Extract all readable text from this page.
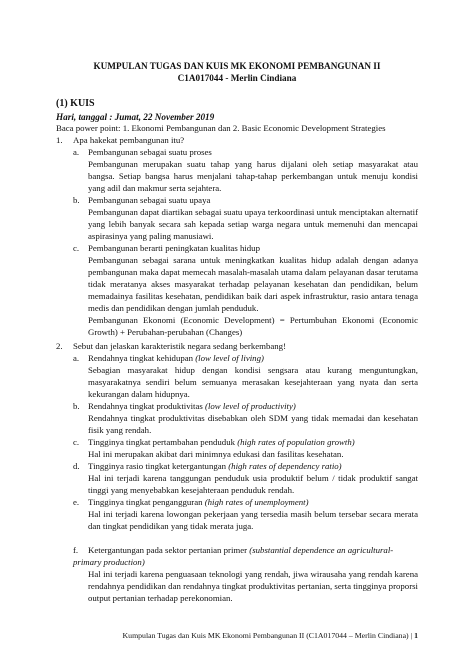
KUMPULAN TUGAS DAN KUIS MK EKONOMI PEMBANGUNAN II
C1A017044 - Merlin Cindiana
(1) KUIS
Hari, tanggal : Jumat, 22 November 2019
Baca power point: 1. Ekonomi Pembangunan dan 2. Basic Economic Development Strategies
1. Apa hakekat pembangunan itu?
a. Pembangunan sebagai suatu proses
Pembangunan merupakan suatu tahap yang harus dijalani oleh setiap masyarakat atau bangsa. Setiap bangsa harus menjalani tahap-tahap perkembangan untuk menuju kondisi yang adil dan makmur serta sejahtera.
b. Pembangunan sebagai suatu upaya
Pembangunan dapat diartikan sebagai suatu upaya terkoordinasi untuk menciptakan alternatif yang lebih banyak secara sah kepada setiap warga negara untuk memenuhi dan mencapai aspirasinya yang paling manusiawi.
c. Pembangunan berarti peningkatan kualitas hidup
Pembangunan sebagai sarana untuk meningkatkan kualitas hidup adalah dengan adanya pembangunan maka dapat memecah masalah-masalah utama dalam pelayanan dasar terutama tidak meratanya akses masyarakat terhadap pelayanan kesehatan dan pendidikan, belum memadainya fasilitas kesehatan, pendidikan baik dari aspek infrastruktur, rasio antara tenaga medis dan pendidikan dengan jumlah penduduk.
Pembangunan Ekonomi (Economic Development) = Pertumbuhan Ekonomi (Economic Growth) + Perubahan-perubahan (Changes)
2. Sebut dan jelaskan karakteristik negara sedang berkembang!
a. Rendahnya tingkat kehidupan (low level of living)
Sebagian masyarakat hidup dengan kondisi sengsara atau kurang menguntungkan, masyarakatnya sendiri belum semuanya merasakan kesejahteraan yang nyata dan serta kekurangan dalam hidupnya.
b. Rendahnya tingkat produktivitas (low level of productivity)
Rendahnya tingkat produktivitas disebabkan oleh SDM yang tidak memadai dan kesehatan fisik yang rendah.
c. Tingginya tingkat pertambahan penduduk (high rates of population growth)
Hal ini merupakan akibat dari minimnya edukasi dan fasilitas kesehatan.
d. Tingginya rasio tingkat ketergantungan (high rates of dependency ratio)
Hal ini terjadi karena tanggungan penduduk usia produktif belum / tidak produktif sangat tinggi yang menyebabkan kesejahteraan penduduk rendah.
e. Tingginya tingkat pengangguran (high rates of unemployment)
Hal ini terjadi karena lowongan pekerjaan yang tersedia masih belum tersebar secara merata dan tingkat pendidikan yang tidak merata juga.
f. Ketergantungan pada sektor pertanian primer (substantial dependence an agricultural-primary production)
Hal ini terjadi karena penguasaan teknologi yang rendah, jiwa wirausaha yang rendah karena rendahnya pendidikan dan rendahnya tingkat produktivitas pertanian, serta tingginya proporsi output pertanian terhadap perekonomian.
Kumpulan Tugas dan Kuis MK Ekonomi Pembangunan II (C1A017044 – Merlin Cindiana) | 1
